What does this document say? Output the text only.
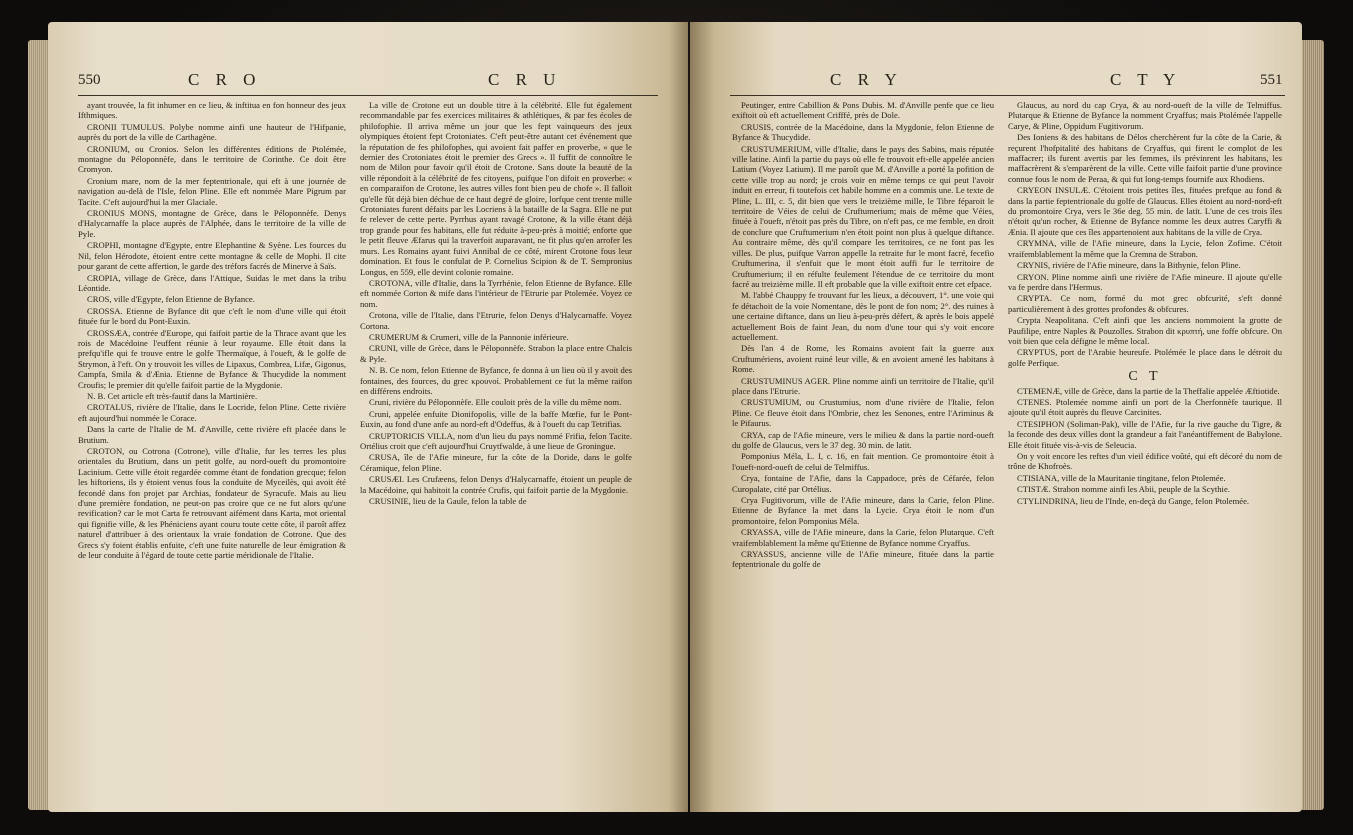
550	C R O	C R U

ayant trouvée, la fit inhumer en ce lieu, & inftitua en fon honneur des jeux Ifthmiques.

CRONII TUMULUS. Polybe nomme ainfi une hauteur de l'Hifpanie, auprès du port de la ville de Carthagène.

CRONIUM, ou Cronios. Selon les différentes éditions de Ptolémée, montagne du Péloponnèfe, dans le territoire de Corinthe. Ce doit être Cromyon.

Cronium mare, nom de la mer feptentrionale, qui eft à une journée de navigation au-delà de l'Isle, felon Pline. Elle eft nommée Mare Pigrum par Tacite. C'eft aujourd'hui la mer Glaciale.

CRONIUS MONS, montagne de Grèce, dans le Péloponnèfe. Denys d'Halycarnaffe la place auprès de l'Alphée, dans le territoire de la ville de Pyle.

CROPHI, montagne d'Egypte, entre Elephantine & Syène. Les fources du Nil, felon Hérodote, étoient entre cette montagne & celle de Mophi. Il cite pour garant de cette affertion, le garde des tréfors facrés de Minerve à Saïs.

CROPIA, village de Grèce, dans l'Attique, Suidas le met dans la tribu Léontide.

CROS, ville d'Egypte, felon Etienne de Byfance.

CROSSA. Etienne de Byfance dit que c'eft le nom d'une ville qui étoit fituée fur le bord du Pont-Euxin.

CROSSÆA, contrée d'Europe, qui faifoit partie de la Thrace avant que les rois de Macédoine l'euffent réunie à leur royaume. Elle étoit dans la prefqu'ifle qui fe trouve entre le golfe Thermaïque, à l'oueft, & le golfe de Strymon, à l'eft. On y trouvoit les villes de Lipaxus, Combrea, Lifæ, Gigonus, Campfa, Smila & d'Ænia. Etienne de Byfance & Thucydide la nomment Croufis; le premier dit qu'elle faifoit partie de la Mygdonie.

N. B. Cet article eft très-fautif dans la Martinière.

CROTALUS, rivière de l'Italie, dans le Locride, felon Pline. Cette rivière eft aujourd'hui nommée le Corace.

Dans la carte de l'Italie de M. d'Anville, cette rivière eft placée dans le Brutium.

CROTON, ou Cotrona (Cotrone), ville d'Italie, fur les terres les plus orientales du Brutium, dans un petit golfe, au nord-oueft du promontoire Lacinium. Cette ville étoit regardée comme étant de fondation grecque; felon les hiftoriens, ils y étoient venus fous la conduite de Myceilès, qui avoit été fecondé dans fon projet par Archias, fondateur de Syracufe. Mais au lieu d'une première fondation, ne peut-on pas croire que ce ne fut alors qu'une revification? car le mot Carta fe retrouvant aifément dans Karta, mot oriental qui fignifie ville, & les Phéniciens ayant couru toute cette côte, il paroît affez naturel d'attribuer à des orientaux la vraie fondation de Cotrone. Que des Grecs s'y foient établis enfuite, c'eft une fuite naturelle de leur émigration & de leur conduite à l'égard de toute cette partie méridionale de l'Italie.

La ville de Crotone eut un double titre à la célébrité. Elle fut également recommandable par fes exercices militaires & athlétiques, & par fes écoles de philofophie. Il arriva même un jour que les fept vainqueurs des jeux olympiques étoient fept Crotoniates. C'eft peut-être autant cet événement que la réputation de fes philofophes, qui avoient fait paffer en proverbe, « que le dernier des Crotoniates étoit le premier des Grecs ». Il fuffit de connoître le nom de Milon pour favoir qu'il étoit de Crotone. Sans doute la beauté de la ville répondoit à la célébrité de fes citoyens, puifque l'on difoit en proverbe: « en comparaifon de Crotone, les autres villes font bien peu de chofe ». Il falloit qu'elle fût déjà bien déchue de ce haut degré de gloire, lorfque cent trente mille Crotoniates furent défaits par les Locriens à la bataille de la Sagra. Elle ne put fe relever de cette perte. Pyrrhus ayant ravagé Crotone, & la ville étant déjà trop grande pour fes habitans, elle fut réduite à-peu-près à moitié; enforte que le petit fleuve Æfarus qui la traverfoit auparavant, ne fit plus qu'en arrofer les murs. Les Romains ayant fuivi Annibal de ce côté, mirent Crotone fous leur domination. Et fous le confulat de P. Cornelius Scipion & de T. Sempronius Longus, en 559, elle devint colonie romaine.

CROTONA, ville d'Italie, dans la Tyrrhénie, felon Etienne de Byfance. Elle eft nommée Corton & mife dans l'intérieur de l'Etrurie par Ptolemée. Voyez ce nom.

Crotona, ville de l'Italie, dans l'Etrurie, felon Denys d'Halycarnaffe. Voyez Cortona.

CRUMERUM & Crumeri, ville de la Pannonie inférieure.

CRUNI, ville de Grèce, dans le Péloponnèfe. Strabon la place entre Chalcis & Pyle.

N. B. Ce nom, felon Etienne de Byfance, fe donna à un lieu où il y avoit des fontaines, des fources, du grec κρουνοί. Probablement ce fut la même raifon en différens endroits.

Cruni, rivière du Péloponnèfe. Elle couloit près de la ville du même nom.

Cruni, appelée enfuite Dionifopolis, ville de la baffe Mœfie, fur le Pont-Euxin, au fond d'une anfe au nord-eft d'Odeffus, & à l'oueft du cap Tetrifias.

CRUPTORICIS VILLA, nom d'un lieu du pays nommé Frifia, felon Tacite. Ortélius croit que c'eft aujourd'hui Cruytfwalde, à une lieue de Groningue.

CRUSA, île de l'Afie mineure, fur la côte de la Doride, dans le golfe Céramique, felon Pline.

CRUSÆI. Les Crufæens, felon Denys d'Halycarnaffe, étoient un peuple de la Macédoine, qui habitoit la contrée Crufis, qui faifoit partie de la Mygdonie.

CRUSINIE, lieu de la Gaule, felon la table de

551
C R Y	C T Y

Peutinger, entre Cabillion & Pons Dubis. M. d'Anville penfe que ce lieu exiftoit où eft actuellement Crifffé, près de Dole.

CRUSIS, contrée de la Macédoine, dans la Mygdonie, felon Etienne de Byfance & Thucydide.

CRUSTUMERIUM, ville d'Italie, dans le pays des Sabins, mais réputée ville latine. Ainfi la partie du pays où elle fe trouvoit eft-elle appelée ancien Latium (Voyez Latium). Il me paroît que M. d'Anville a porté la pofition de cette ville trop au nord; je crois voir en même temps ce qui peut l'avoir induit en erreur, fi toutefois cet habile homme en a commis une. Le texte de Pline, L. III, c. 5, dit bien que vers le treizième mille, le Tibre féparoit le territoire de Véies de celui de Cruftumerium; mais de même que Véies, fituée à l'oueft, n'étoit pas près du Tibre, on n'eft pas, ce me femble, en droit de conclure que Cruftumerium n'en étoit point non plus à quelque diftance. Au contraire même, dès qu'il compare les territoires, ce ne font pas les villes. De plus, puifque Varron appelle la retraite fur le mont facré, fecefio Cruftumerina, il s'enfuit que le mont étoit auffi fur le territoire de Cruftumerium; il en réfulte feulement l'étendue de ce territoire du mont facré au treizième mille. Il eft probable que la ville exiftoit entre cet efpace.

M. l'abbé Chauppy fe trouvant fur les lieux, a découvert, 1°. une voie qui fe détachoit de la voie Nomentane, dès le pont de fon nom; 2°. des ruines à une certaine diftance, dans un lieu à-peu-près défert, & après le bois appelé actuellement Bois de faint Jean, du nom d'une tour qui s'y voit encore actuellement.

Dès l'an 4 de Rome, les Romains avoient fait la guerre aux Cruftumériens, avoient ruiné leur ville, & en avoient amené les habitans à Rome.

CRUSTUMINUS AGER. Pline nomme ainfi un territoire de l'Italie, qu'il place dans l'Etrurie.

CRUSTUMIUM, ou Crustumius, nom d'une rivière de l'Italie, felon Pline. Ce fleuve étoit dans l'Ombrie, chez les Senones, entre l'Ariminus & le Pifaurus.

CRYA, cap de l'Afie mineure, vers le milieu & dans la partie nord-oueft du golfe de Glaucus, vers le 37 deg. 30 min. de latit.

Pomponius Méla, L. I, c. 16, en fait mention. Ce promontoire étoit à l'oueft-nord-oueft de celui de Telmiffus.

Crya, fontaine de l'Afie, dans la Cappadoce, près de Céfarée, felon Curopalate, cité par Ortélius.

Crya Fugitivorum, ville de l'Afie mineure, dans la Carie, felon Pline. Etienne de Byfance la met dans la Lycie. Crya étoit le nom d'un promontoire, felon Pomponius Méla.

CRYASSA, ville de l'Afie mineure, dans la Carie, felon Plutarque. C'eft vraifemblablement la même qu'Etienne de Byfance nomme Cryaffus.

CRYASSUS, ancienne ville de l'Afie mineure, fituée dans la partie feptentrionale du golfe de

Glaucus, au nord du cap Crya, & au nord-oueft de la ville de Telmiffus. Plutarque & Etienne de Byfance la nomment Cryaffus; mais Ptolémée l'appelle Carye, & Pline, Oppidum Fugitivorum.

Des Ioniens & des habitans de Délos cherchèrent fur la côte de la Carie, & reçurent l'hofpitalité des habitans de Cryaffus, qui firent le complot de les maffacrer; ils furent avertis par les femmes, ils prévinrent les habitans, les maffacrèrent & s'emparèrent de la ville. Cette ville faifoit partie d'une province connue fous le nom de Peraa, & qui fut long-temps fournife aux Rhodiens.

CRYEON INSULÆ. C'étoient trois petites îles, fituées prefque au fond & dans la partie feptentrionale du golfe de Glaucus. Elles étoient au nord-nord-eft du promontoire Crya, vers le 36e deg. 55 min. de latit. L'une de ces trois îles n'étoit qu'un rocher, & Etienne de Byfance nomme les deux autres Caryffi & Ænia. Il ajoute que ces îles appartenoient aux habitans de la ville de Crya.

CRYMNA, ville de l'Afie mineure, dans la Lycie, felon Zofime. C'étoit vraifemblablement la même que la Cremna de Strabon.

CRYNIS, rivière de l'Afie mineure, dans la Bithynie, felon Pline.

CRYON. Pline nomme ainfi une rivière de l'Afie mineure. Il ajoute qu'elle va fe perdre dans l'Hermus.

CRYPTA. Ce nom, formé du mot grec obfcurité, s'eft donné particulièrement à des grottes profondes & obfcures.

Crypta Neapolitana. C'eft ainfi que les anciens nommoient la grotte de Paufilipe, entre Naples & Pouzolles. Strabon dit κρυπτή, une foffe obfcure. On voit bien que cela défigne le même local.

CRYPTUS, port de l'Arabie heureufe. Ptolémée le place dans le détroit du golfe Perfique.

C T

CTEMENÆ, ville de Grèce, dans la partie de la Theffalie appelée Æftiotide.

CTENES. Ptolemée nomme ainfi un port de la Cherfonnèfe taurique. Il ajoute qu'il étoit auprès du fleuve Carcinites.

CTESIPHON (Soliman-Pak), ville de l'Afie, fur la rive gauche du Tigre, & la feconde des deux villes dont la grandeur a fait l'anéantiffement de Babylone. Elle étoit fituée vis-à-vis de Seleucia.

On y voit encore les reftes d'un vieil édifice voûté, qui eft décoré du nom de trône de Khofroès.

CTISIANA, ville de la Mauritanie tingitane, felon Ptolemée.

CTISTÆ. Strabon nomme ainfi les Abii, peuple de la Scythie.

CTYLINDRINA, lieu de l'Inde, en-deçà du Gange, felon Ptolemée.
